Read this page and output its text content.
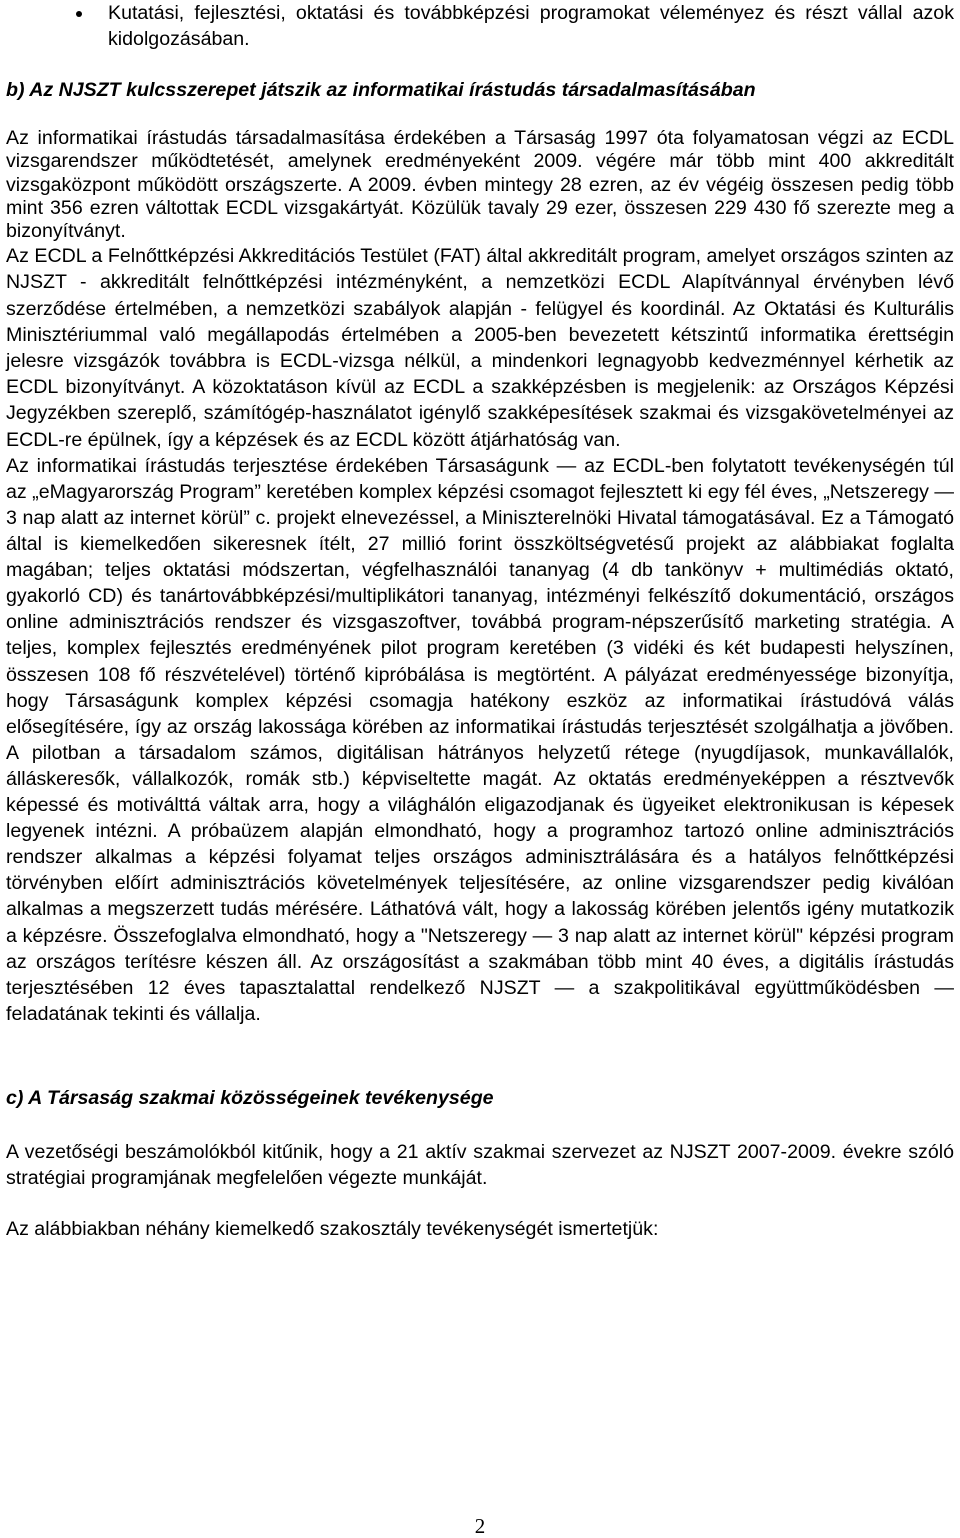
Kutatási, fejlesztési, oktatási és továbbképzési programokat véleményez és részt vállal azok kidolgozásában.
b) Az NJSZT kulcsszerepet játszik az informatikai írástudás társadalmasításában
Az informatikai írástudás társadalmasítása érdekében a Társaság 1997 óta folyamatosan végzi az ECDL vizsgarendszer működtetését, amelynek eredményeként 2009. végére már több mint 400 akkreditált vizsgaközpont működött országszerte. A 2009. évben mintegy 28 ezren, az év végéig összesen pedig több mint 356 ezren váltottak ECDL vizsgakártyát. Közülük tavaly 29 ezer, összesen 229 430 fő szerezte meg a bizonyítványt.
Az ECDL a Felnőttképzési Akkreditációs Testület (FAT) által akkreditált program, amelyet országos szinten az NJSZT - akkreditált felnőttképzési intézményként, a nemzetközi ECDL Alapítvánnyal érvényben lévő szerződése értelmében, a nemzetközi szabályok alapján - felügyel és koordinál. Az Oktatási és Kulturális Minisztériummal való megállapodás értelmében a 2005-ben bevezetett kétszintű informatika érettségin jelesre vizsgázók továbbra is ECDL-vizsga nélkül, a mindenkori legnagyobb kedvezménnyel kérhetik az ECDL bizonyítványt. A közoktatáson kívül az ECDL a szakképzésben is megjelenik: az Országos Képzési Jegyzékben szereplő, számítógép-használatot igénylő szakképesítések szakmai és vizsgakövetelményei az ECDL-re épülnek, így a képzések és az ECDL között átjárhatóság van.
Az informatikai írástudás terjesztése érdekében Társaságunk — az ECDL-ben folytatott tevékenységén túl az „eMagyarország Program” keretében komplex képzési csomagot fejlesztett ki egy fél éves, „Netszeregy — 3 nap alatt az internet körül” c. projekt elnevezéssel, a Miniszterelnöki Hivatal támogatásával. Ez a Támogató által is kiemelkedően sikeresnek ítélt, 27 millió forint összköltségvetésű projekt az alábbiakat foglalta magában; teljes oktatási módszertan, végfelhasználói tananyag (4 db tankönyv + multimédiás oktató, gyakorló CD) és tanártovábbképzési/multiplikátori tananyag, intézményi felkészítő dokumentáció, országos online adminisztrációs rendszer és vizsgaszoftver, továbbá program-népszerűsítő marketing stratégia. A teljes, komplex fejlesztés eredményének pilot program keretében (3 vidéki és két budapesti helyszínen, összesen 108 fő részvételével) történő kipróbálása is megtörtént. A pályázat eredményessége bizonyítja, hogy Társaságunk komplex képzési csomagja hatékony eszköz az informatikai írástudóvá válás elősegítésére, így az ország lakossága körében az informatikai írástudás terjesztését szolgálhatja a jövőben. A pilotban a társadalom számos, digitálisan hátrányos helyzetű rétege (nyugdíjasok, munkavállalók, álláskeresők, vállalkozók, romák stb.) képviseltette magát. Az oktatás eredményeképpen a résztvevők képessé és motiválttá váltak arra, hogy a világhálón eligazodjanak és ügyeiket elektronikusan is képesek legyenek intézni. A próbaüzem alapján elmondható, hogy a programhoz tartozó online adminisztrációs rendszer alkalmas a képzési folyamat teljes országos adminisztrálására és a hatályos felnőttképzési törvényben előírt adminisztrációs követelmények teljesítésére, az online vizsgarendszer pedig kiválóan alkalmas a megszerzett tudás mérésére. Láthatóvá vált, hogy a lakosság körében jelentős igény mutatkozik a képzésre. Összefoglalva elmondható, hogy a "Netszeregy — 3 nap alatt az internet körül" képzési program az országos terítésre készen áll. Az országosítást a szakmában több mint 40 éves, a digitális írástudás terjesztésében 12 éves tapasztalattal rendelkező NJSZT — a szakpolitikával együttműködésben — feladatának tekinti és vállalja.
c) A Társaság szakmai közösségeinek tevékenysége
A vezetőségi beszámolókból kitűnik, hogy a 21 aktív szakmai szervezet az NJSZT 2007-2009. évekre szóló stratégiai programjának megfelelően végezte munkáját.
Az alábbiakban néhány kiemelkedő szakosztály tevékenységét ismertetjük:
2
